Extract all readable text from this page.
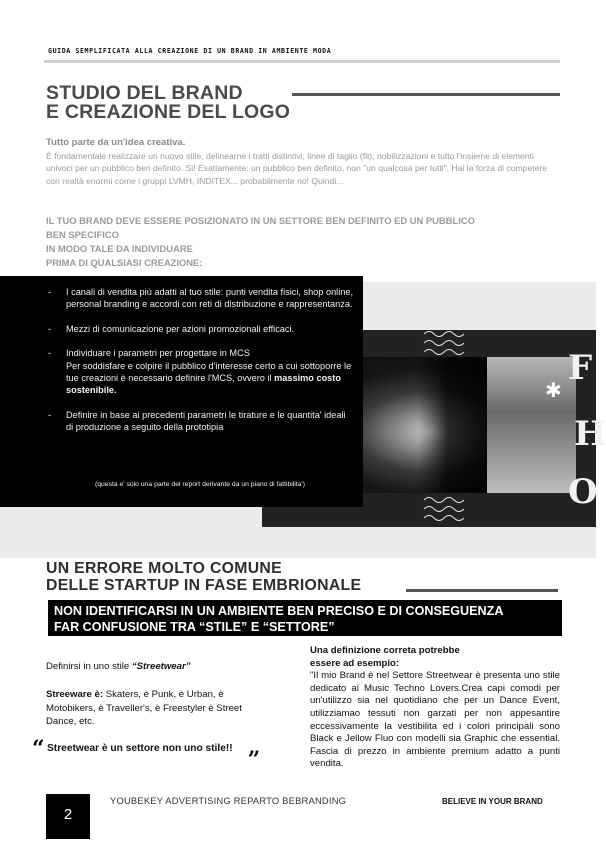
GUIDA SEMPLIFICATA ALLA CREAZIONE DI UN BRAND IN AMBIENTE MODA
STUDIO DEL BRAND
E CREAZIONE DEL LOGO
Tutto parte da un'idea creativa.
È fondamentale realizzare un nuovo stile, delinearne i tratti distintivi, linee di taglio (fit), nobilizzazioni e tutto l'insieme di elementi univoci per un pubblico ben definito. Si! Esattamente: un pubblico ben definito, non "un qualcosa per tutti". Hai la forza di competere con realtà enormi come i gruppi LVMH, INDITEX... probabilmente no! Quindi...
IL TUO BRAND DEVE ESSERE POSIZIONATO IN UN SETTORE BEN DEFINITO ED UN PUBBLICO
BEN SPECIFICO
IN MODO TALE DA INDIVIDUARE
PRIMA DI QUALSIASI CREAZIONE:
F
✱
H
O
- I canali di vendita più adatti al tuo stile: punti vendita fisici, shop online, personal branding e accordi con reti di distribuzione e rappresentanza.
- Mezzi di comunicazione per azioni promozionali efficaci.
- Individuare i parametri per progettare in MCS
Per soddisfare e colpire il pubblico d'interesse certo a cui sottoporre le tue creazioni è necessario definire l'MCS, ovvero il massimo costo sostenibile.
- Definire in base ai precedenti parametri le tirature e le quantita' ideali di produzione a seguito della prototipia
(questa e' solo una parte del report derivante da un piano di fattibilita')
UN ERRORE MOLTO COMUNE
DELLE STARTUP IN FASE EMBRIONALE
NON IDENTIFICARSI IN UN AMBIENTE BEN PRECISO E DI CONSEGUENZA
FAR CONFUSIONE TRA “STILE” E “SETTORE”
Definirsi in uno stile “Streetwear”
Streeware è: Skaters, è Punk, è Urban, è Motobikers, è Traveller's, è Freestyler è Street Dance, etc.
“ Streetwear è un settore non uno stile!! „
Una definizione correta potrebbe
essere ad esempio:
"Il mio Brand è nel Settore Streetwear è presenta uno stile dedicato ai Music Techno Lovers.Crea capi comodi per un'utilizzo sia nel quotidiano che per un Dance Event, utilizziamao tessuti non garzati per non appesantire eccessivamente la vestibilita ed i colori principali sono Black e Jellow Fluo con modelli sia Graphic che essential. Fascia di prezzo in ambiente premium adatto a punti vendita.
2
YOUBEKEY ADVERTISING REPARTO BEBRANDING	BELIEVE IN YOUR BRAND
